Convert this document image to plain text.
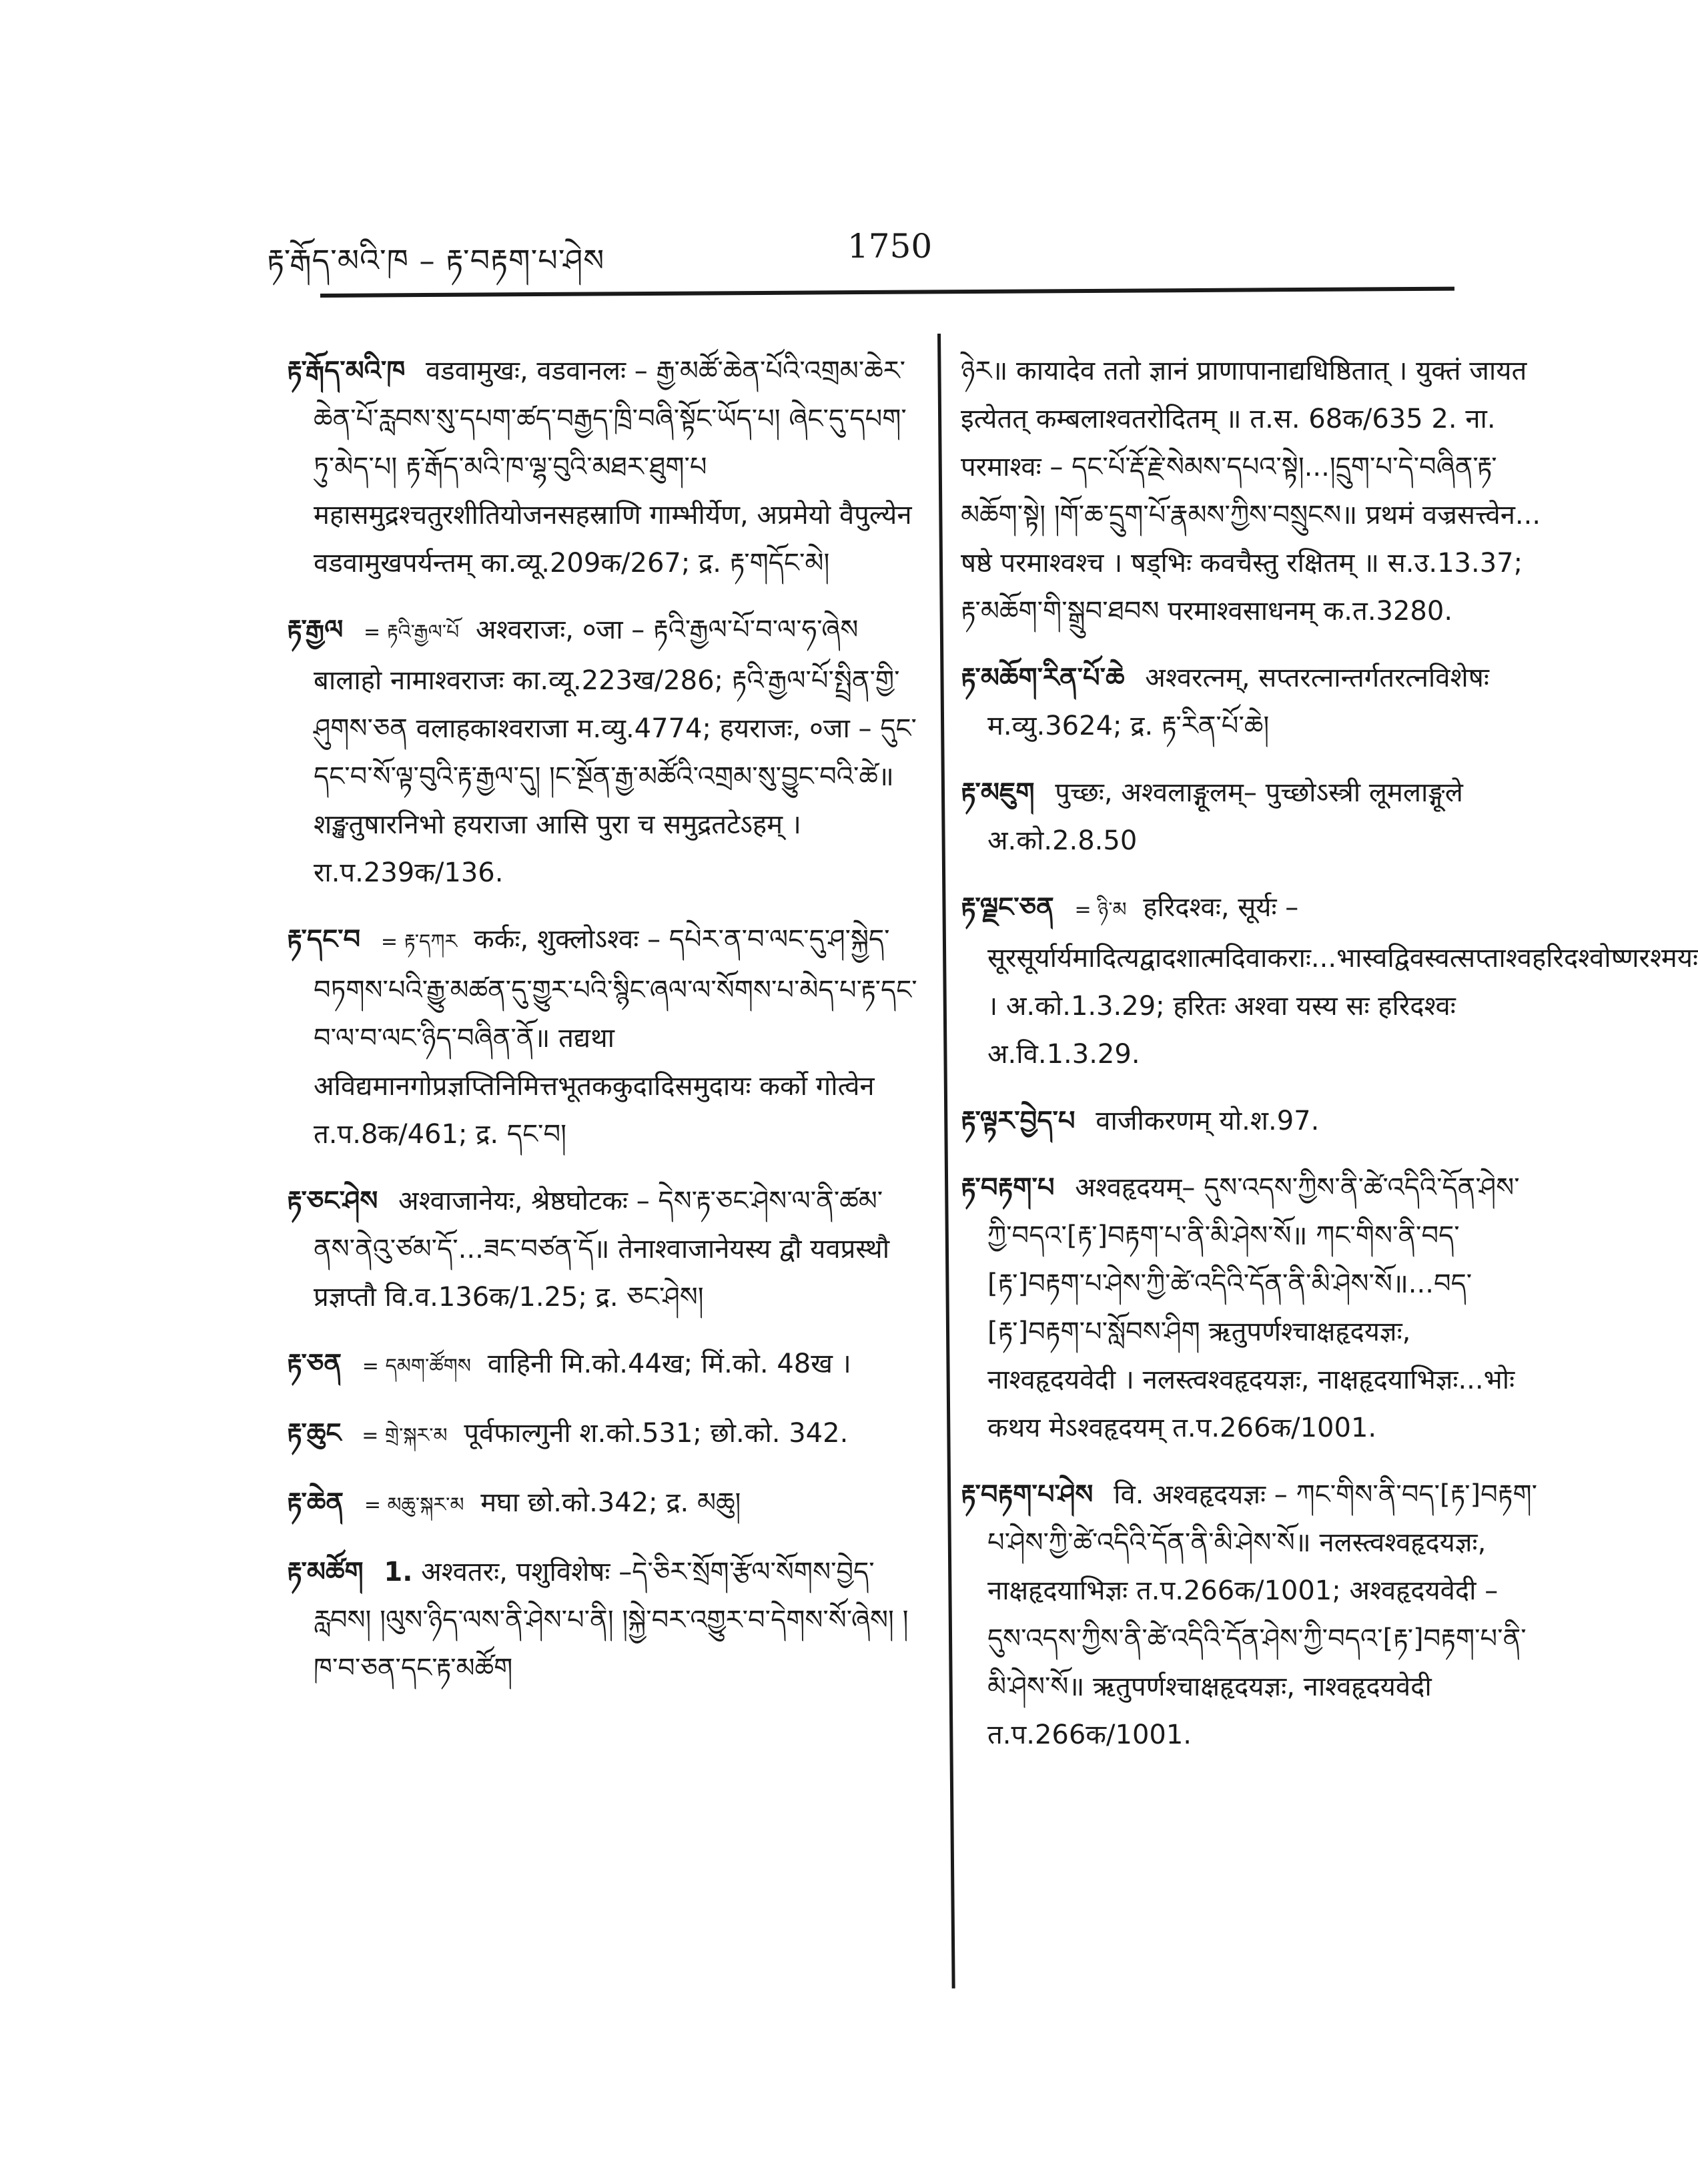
རྟ་རྒོད་མའི་ཁ – རྟ་བརྟག་པ་ཤེས	1750

རྟ་རྒོད་མའི་ཁ वडवामुखः, वडवानलः – རྒྱ་མཚོ་ཆེན་པོའི་འགྲམ་ཆེར་ཆེན་པོ་རླབས་སུ་དཔག་ཚད་བརྒྱད་ཁྲི་བཞི་སྟོང་ཡོད་པ། ཞེང་དུ་དཔག་ཏུ་མེད་པ། རྟ་རྒོད་མའི་ཁ་ལྷ་བུའི་མཐར་ཐུག་པ महासमुद्रश्चतुरशीतियोजनसहस्राणि गाम्भीर्येण, अप्रमेयो वैपुल्येन वडवामुखपर्यन्तम् का.व्यू.209क/267; द्र. རྟ་གདོང་མེ།

རྟ་རྒྱལ = རྟའི་རྒྱལ་པོ अश्वराजः, ०जा – རྟའི་རྒྱལ་པོ་བ་ལ་ཧ་ཞེས बालाहो नामाश्वराजः का.व्यू.223ख/286; རྟའི་རྒྱལ་པོ་སྤྲིན་གྱི་ཤུགས་ཅན वलाहकाश्वराजा म.व्यु.4774; हयराजः, ०जा – དུང་དང་བ་སོ་ལྟ་བུའི་རྟ་རྒྱལ་དུ། །ང་སྔོན་རྒྱ་མཚོའི་འགྲམ་སུ་བྱུང་བའི་ཚེ॥ शङ्खतुषारनिभो हयराजा आसि पुरा च समुद्रतटेऽहम् । रा.प.239क/136.

རྟ་དང་བ = རྟ་དཀར कर्कः, शुक्लोऽश्वः – དཔེར་ན་བ་ལང་དུ་ཤ་སྐྱེད་བཏགས་པའི་རྒྱུ་མཚན་དུ་གྱུར་པའི་སྙིང་ཞལ་ལ་སོགས་པ་མེད་པ་རྟ་དང་བ་ལ་བ་ལང་ཉིད་བཞིན་ནོ॥ तद्यथा अविद्यमानगोप्रज्ञप्तिनिमित्तभूतककुदादिसमुदायः कर्को गोत्वेन त.प.8क/461; द्र. དང་བ།

རྟ་ཅང་ཤེས अश्वाजानेयः, श्रेष्ठघोटकः – དེས་རྟ་ཅང་ཤེས་ལ་ནི་ཚམ་ནས་ནེའུ་ཙམ་དོ་...ཟང་བཙན་དོ॥ तेनाश्वाजानेयस्य द्वौ यवप्रस्थौ प्रज्ञप्तौ वि.व.136क/1.25; द्र. ཅང་ཤེས།

རྟ་ཅན = དམག་ཚོགས वाहिनी मि.को.44ख; मिं.को. 48ख ।

རྟ་ཆུང = གྲེ་སྐར་མ पूर्वफाल्गुनी श.को.531; छो.को. 342.

རྟ་ཆེན = མཆུ་སྐར་མ मघा छो.को.342; द्र. མཆུ།

རྟ་མཚོག 1. अश्वतरः, पशुविशेषः –དེ་ཅིར་སྲོག་རྩོལ་སོགས་བྱེད་རླབས། །ལུས་ཉིད་ལས་ནི་ཤེས་པ་ནི། །སྐྱེ་བར་འགྱུར་བ་དེགས་སོ་ཞེས། །ཁ་བ་ཅན་དང་རྟ་མཚོག

ཉེར॥ कायादेव ततो ज्ञानं प्राणापानाद्यधिष्ठितात् । युक्तं जायत इत्येतत् कम्बलाश्वतरोदितम् ॥ त.स. 68क/635 2. ना. परमाश्वः – དང་པོ་རྡོ་རྗེ་སེམས་དཔའ་སྟེ།...།དྲུག་པ་དེ་བཞིན་རྟ་མཆོག་སྟེ། །གོ་ཆ་དྲུག་པོ་རྣམས་ཀྱིས་བསྲུངས॥ प्रथमं वज्रसत्त्वेन... षष्ठे परमाश्वश्च । षड्भिः कवचैस्तु रक्षितम् ॥ स.उ.13.37; རྟ་མཆོག་གི་སྒྲུབ་ཐབས परमाश्वसाधनम् क.त.3280.

རྟ་མཆོག་རིན་པོ་ཆེ अश्वरत्नम्, सप्तरत्नान्तर्गतरत्नविशेषः म.व्यु.3624; द्र. རྟ་རིན་པོ་ཆེ།

རྟ་མཇུག पुच्छः, अश्वलाङ्गूलम्– पुच्छोऽस्त्री लूमलाङ्गूले अ.को.2.8.50

རྟ་ལྗང་ཅན = ཉི་མ हरिदश्वः, सूर्यः – सूरसूर्यार्यमादित्यद्वादशात्मदिवाकराः...भास्वद्विवस्वत्सप्ताश्वहरिदश्वोष्णरश्मयः । अ.को.1.3.29; हरितः अश्वा यस्य सः हरिदश्वः अ.वि.1.3.29.

རྟ་ལྟར་བྱེད་པ वाजीकरणम् यो.श.97.

རྟ་བརྟག་པ अश्वहृदयम्– དུས་འདས་ཀྱིས་ནི་ཚེ་འདིའི་དོན་ཤེས་ཀྱི་བདའ་[རྟ་]བརྟག་པ་ནི་མི་ཤེས་སོ॥ ཀང་གིས་ནི་བད་[རྟ་]བརྟག་པ་ཤེས་ཀྱི་ཚེ་འདིའི་དོན་ནི་མི་ཤེས་སོ॥...བད་[རྟ་]བརྟག་པ་སློབས་ཤིག ऋतुपर्णश्चाक्षहृदयज्ञः, नाश्वहृदयवेदी । नलस्त्वश्वहृदयज्ञः, नाक्षहृदयाभिज्ञः...भोः कथय मेऽश्वहृदयम् त.प.266क/1001.

རྟ་བརྟག་པ་ཤེས वि. अश्वहृदयज्ञः – ཀང་གིས་ནི་བད་[རྟ་]བརྟག་པ་ཤེས་ཀྱི་ཚེ་འདིའི་དོན་ནི་མི་ཤེས་སོ॥ नलस्त्वश्वहृदयज्ञः, नाक्षहृदयाभिज्ञः त.प.266क/1001; अश्वहृदयवेदी – དུས་འདས་ཀྱིས་ནི་ཚེ་འདིའི་དོན་ཤེས་ཀྱི་བདའ་[རྟ་]བརྟག་པ་ནི་མི་ཤེས་སོ॥ ऋतुपर्णश्चाक्षहृदयज्ञः, नाश्वहृदयवेदी त.प.266क/1001.
